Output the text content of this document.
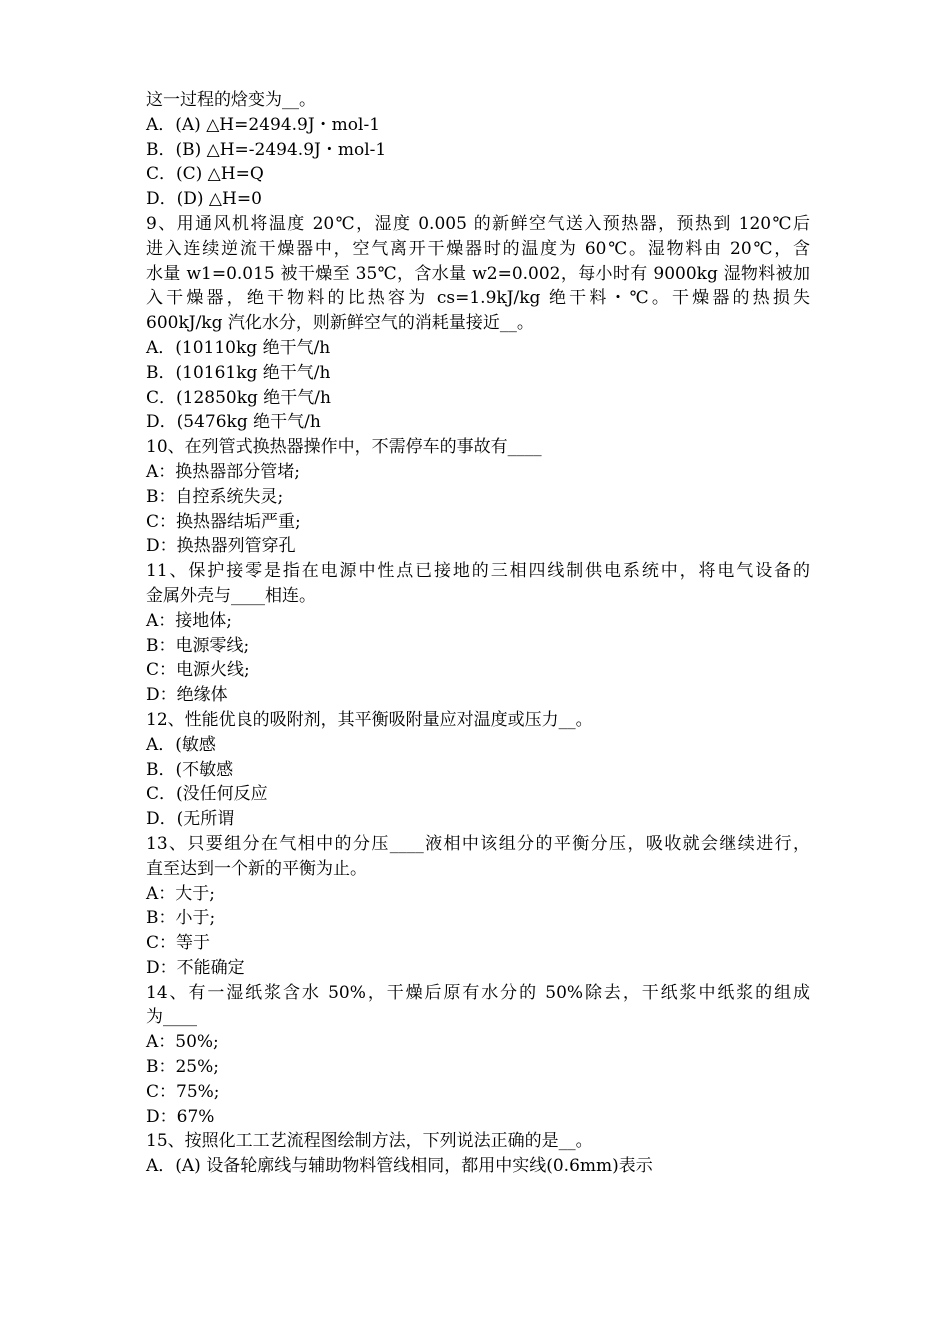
这一过程的焓变为__。
A．(A) △H=2494.9J・mol-1
B．(B) △H=-2494.9J・mol-1
C．(C) △H=Q
D．(D) △H=0
9、用通风机将温度 20℃，湿度 0.005 的新鲜空气送入预热器，预热到 120℃后
进入连续逆流干燥器中，空气离开干燥器时的温度为 60℃。湿物料由 20℃，含
水量 w1=0.015 被干燥至 35℃，含水量 w2=0.002，每小时有 9000kg 湿物料被加
入干燥器，绝干物料的比热容为 cs=1.9kJ/kg 绝干料・℃。干燥器的热损失
600kJ/kg 汽化水分，则新鲜空气的消耗量接近__。
A．(10110kg 绝干气/h
B．(10161kg 绝干气/h
C．(12850kg 绝干气/h
D．(5476kg 绝干气/h
10、在列管式换热器操作中，不需停车的事故有____
A：换热器部分管堵;
B：自控系统失灵;
C：换热器结垢严重;
D：换热器列管穿孔
11、保护接零是指在电源中性点已接地的三相四线制供电系统中，将电气设备的
金属外壳与____相连。
A：接地体;
B：电源零线;
C：电源火线;
D：绝缘体
12、性能优良的吸附剂，其平衡吸附量应对温度或压力__。
A．(敏感
B．(不敏感
C．(没任何反应
D．(无所谓
13、只要组分在气相中的分压____液相中该组分的平衡分压，吸收就会继续进行，
直至达到一个新的平衡为止。
A：大于;
B：小于;
C：等于
D：不能确定
14、有一湿纸浆含水 50%，干燥后原有水分的 50%除去，干纸浆中纸浆的组成
为____
A：50%;
B：25%;
C：75%;
D：67%
15、按照化工工艺流程图绘制方法，下列说法正确的是__。
A．(A) 设备轮廓线与辅助物料管线相同，都用中实线(0.6mm)表示
